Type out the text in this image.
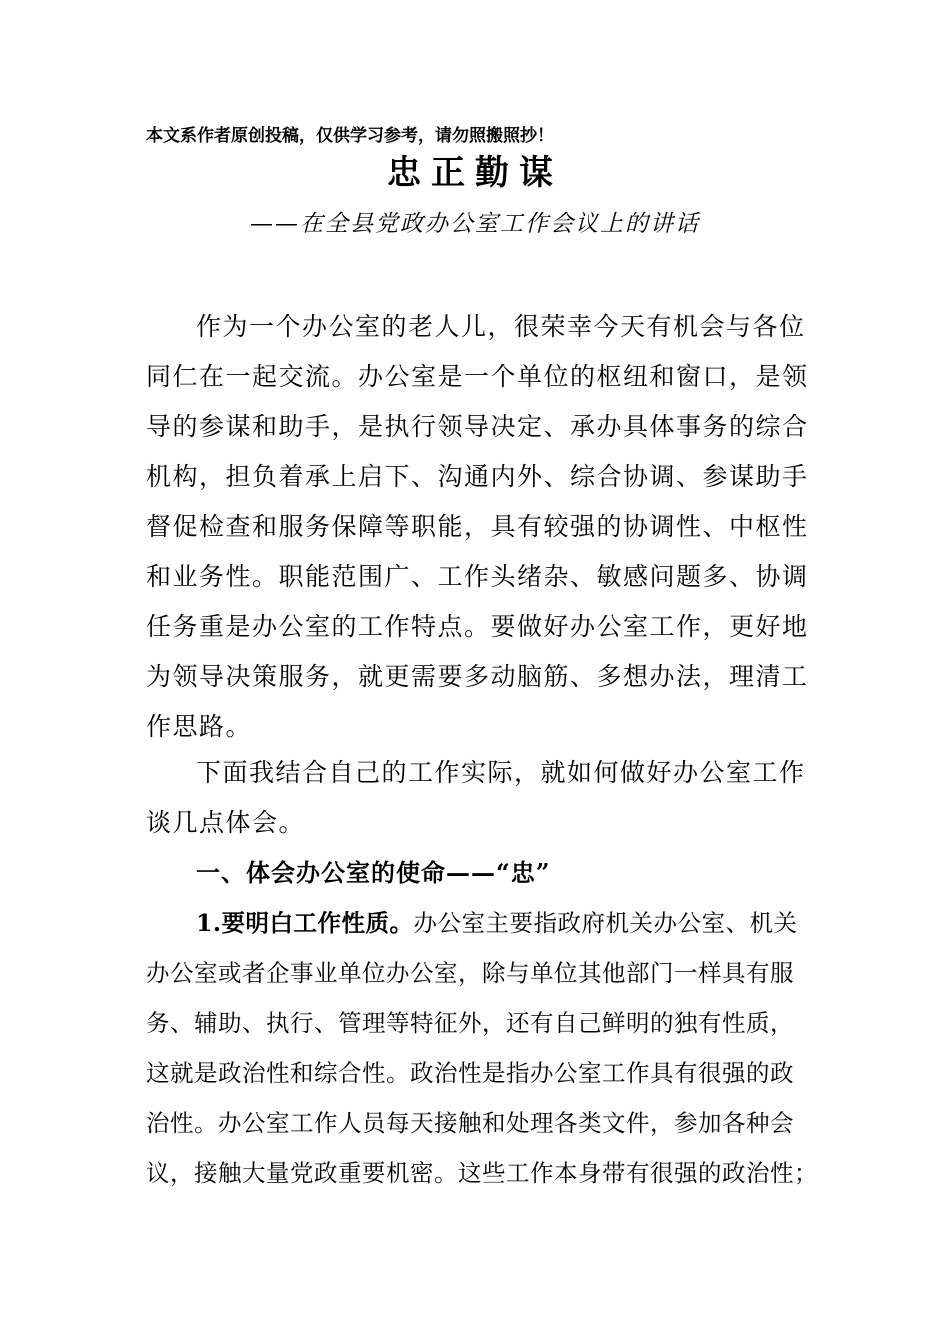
本文系作者原创投稿，仅供学习参考，请勿照搬照抄！
忠正勤谋
——在全县党政办公室工作会议上的讲话
作为一个办公室的老人儿，很荣幸今天有机会与各位
同仁在一起交流。办公室是一个单位的枢纽和窗口，是领
导的参谋和助手，是执行领导决定、承办具体事务的综合
机构，担负着承上启下、沟通内外、综合协调、参谋助手
督促检查和服务保障等职能，具有较强的协调性、中枢性
和业务性。职能范围广、工作头绪杂、敏感问题多、协调
任务重是办公室的工作特点。要做好办公室工作，更好地
为领导决策服务，就更需要多动脑筋、多想办法，理清工
作思路。
下面我结合自己的工作实际，就如何做好办公室工作
谈几点体会。
一、体会办公室的使命——“忠”
1.要明白工作性质。办公室主要指政府机关办公室、机关
办公室或者企事业单位办公室，除与单位其他部门一样具有服
务、辅助、执行、管理等特征外，还有自己鲜明的独有性质，
这就是政治性和综合性。政治性是指办公室工作具有很强的政
治性。办公室工作人员每天接触和处理各类文件，参加各种会
议，接触大量党政重要机密。这些工作本身带有很强的政治性；
